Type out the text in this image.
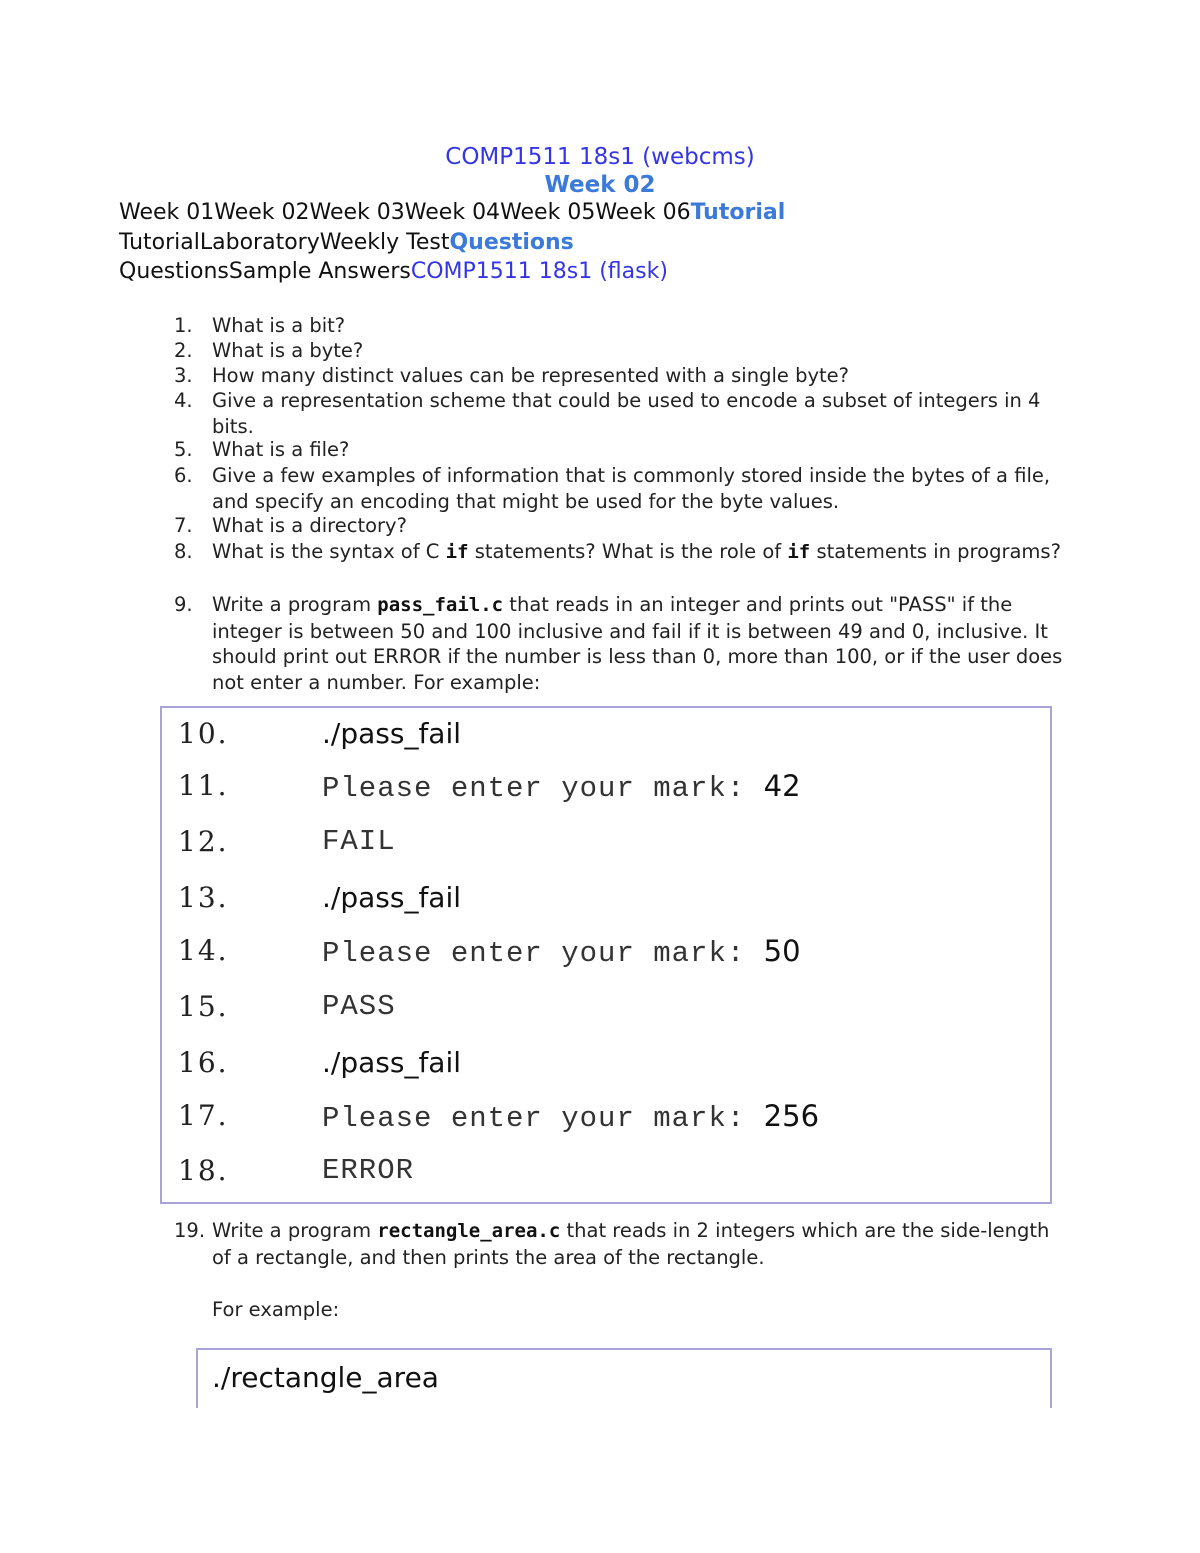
COMP1511 18s1 (webcms)
Week 02
Week 01Week 02Week 03Week 04Week 05Week 06Tutorial
TutorialLaboratoryWeekly TestQuestions
QuestionsSample AnswersCOMP1511 18s1 (flask)
1. What is a bit?
2. What is a byte?
3. How many distinct values can be represented with a single byte?
4. Give a representation scheme that could be used to encode a subset of integers in 4 bits.
5. What is a file?
6. Give a few examples of information that is commonly stored inside the bytes of a file, and specify an encoding that might be used for the byte values.
7. What is a directory?
8. What is the syntax of C if statements? What is the role of if statements in programs?
9. Write a program pass_fail.c that reads in an integer and prints out "PASS" if the integer is between 50 and 100 inclusive and fail if it is between 49 and 0, inclusive. It should print out ERROR if the number is less than 0, more than 100, or if the user does not enter a number. For example:
10.	./pass_fail
11.	Please enter your mark: 42
12.	FAIL
13.	./pass_fail
14.	Please enter your mark: 50
15.	PASS
16.	./pass_fail
17.	Please enter your mark: 256
18.	ERROR
19. Write a program rectangle_area.c that reads in 2 integers which are the side-length of a rectangle, and then prints the area of the rectangle.
For example:
./rectangle_area
